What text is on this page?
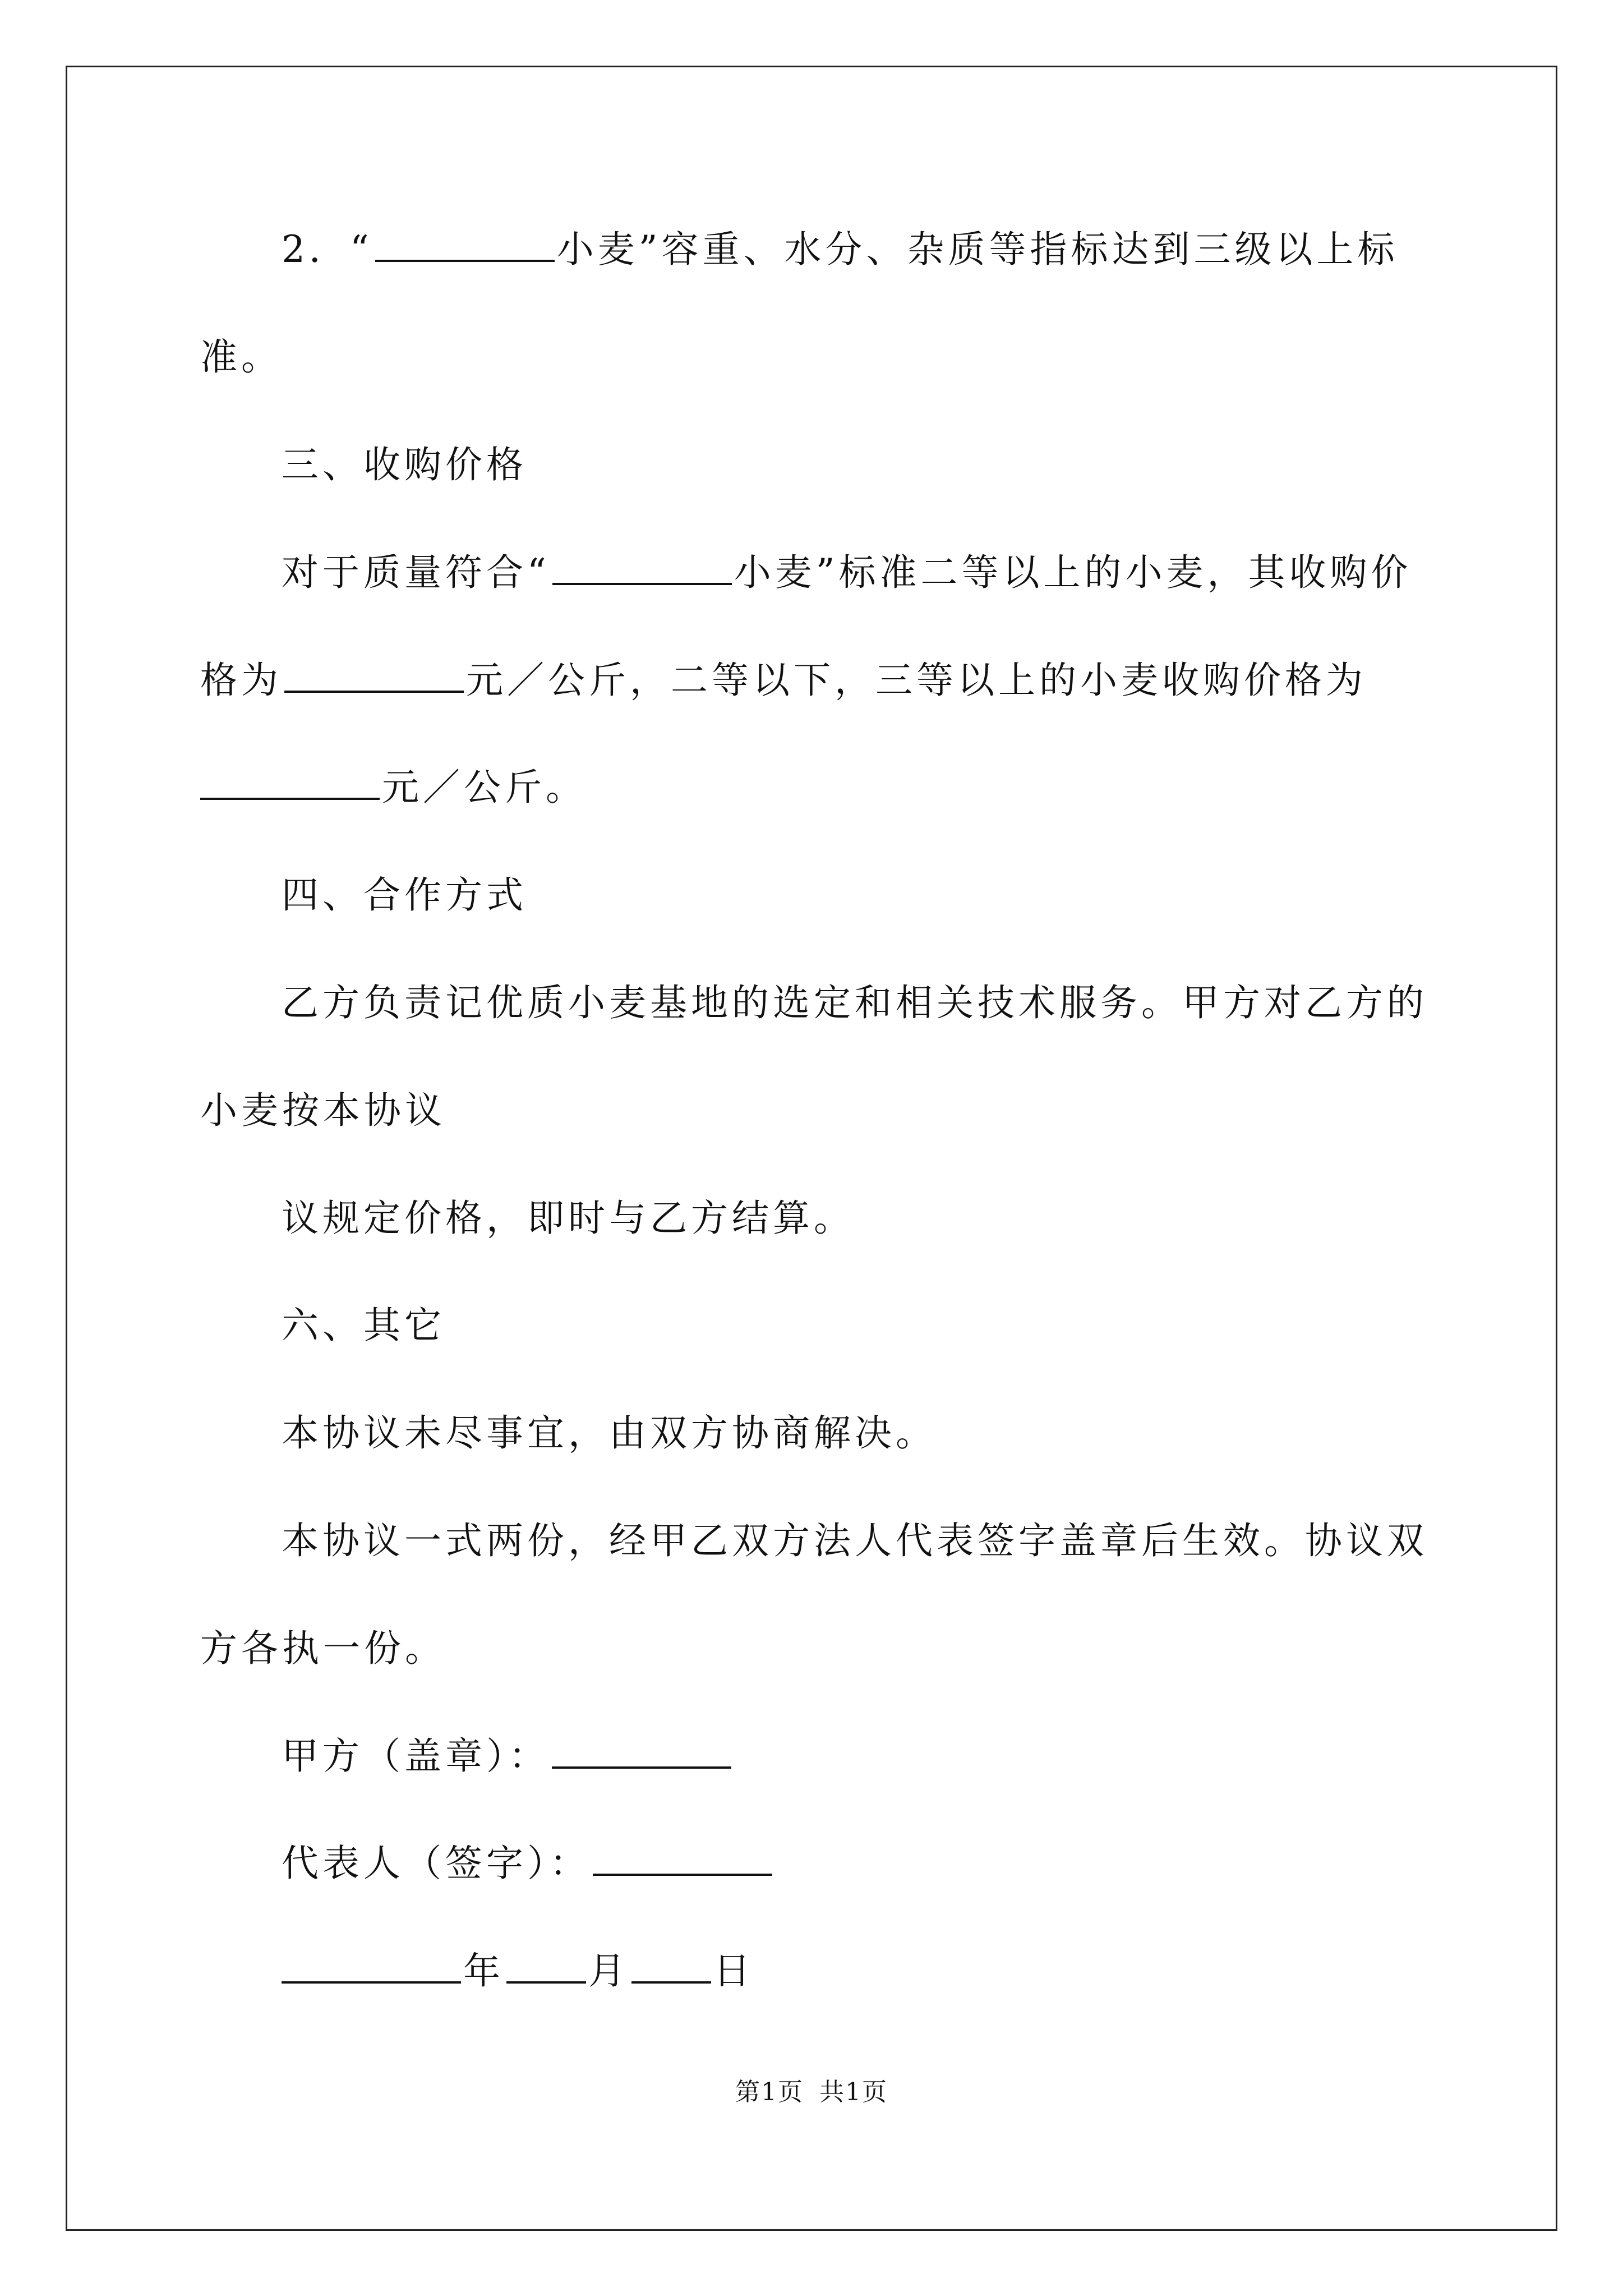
2．“	小麦”容重、水分、杂质等指标达到三级以上标
准。
三、收购价格
对于质量符合“	小麦”标准二等以上的小麦，其收购价
格为	元／公斤，二等以下，三等以上的小麦收购价格为
元／公斤。
四、合作方式
乙方负责记优质小麦基地的选定和相关技术服务。甲方对乙方的
小麦按本协议
议规定价格，即时与乙方结算。
六、其它
本协议未尽事宜，由双方协商解决。
本协议一式两份，经甲乙双方法人代表签字盖章后生效。协议双
方各执一份。
甲方（盖章）：
代表人（签字）：
年 月 日
第1页 共1页
